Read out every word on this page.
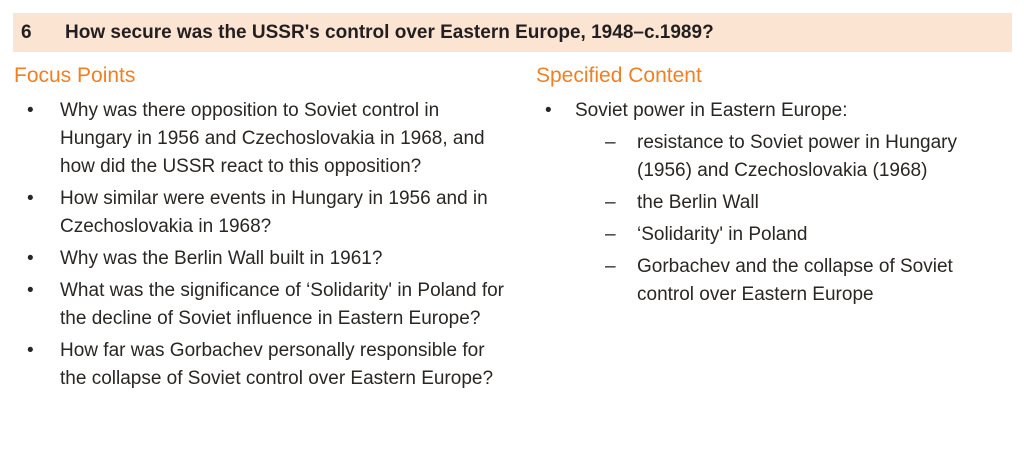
6	How secure was the USSR's control over Eastern Europe, 1948–c.1989?
Focus Points
• Why was there opposition to Soviet control in Hungary in 1956 and Czechoslovakia in 1968, and how did the USSR react to this opposition?
• How similar were events in Hungary in 1956 and in Czechoslovakia in 1968?
• Why was the Berlin Wall built in 1961?
• What was the significance of ‘Solidarity' in Poland for the decline of Soviet influence in Eastern Europe?
• How far was Gorbachev personally responsible for the collapse of Soviet control over Eastern Europe?
Specified Content
• Soviet power in Eastern Europe:
– resistance to Soviet power in Hungary (1956) and Czechoslovakia (1968)
– the Berlin Wall
– ‘Solidarity' in Poland
– Gorbachev and the collapse of Soviet control over Eastern Europe
